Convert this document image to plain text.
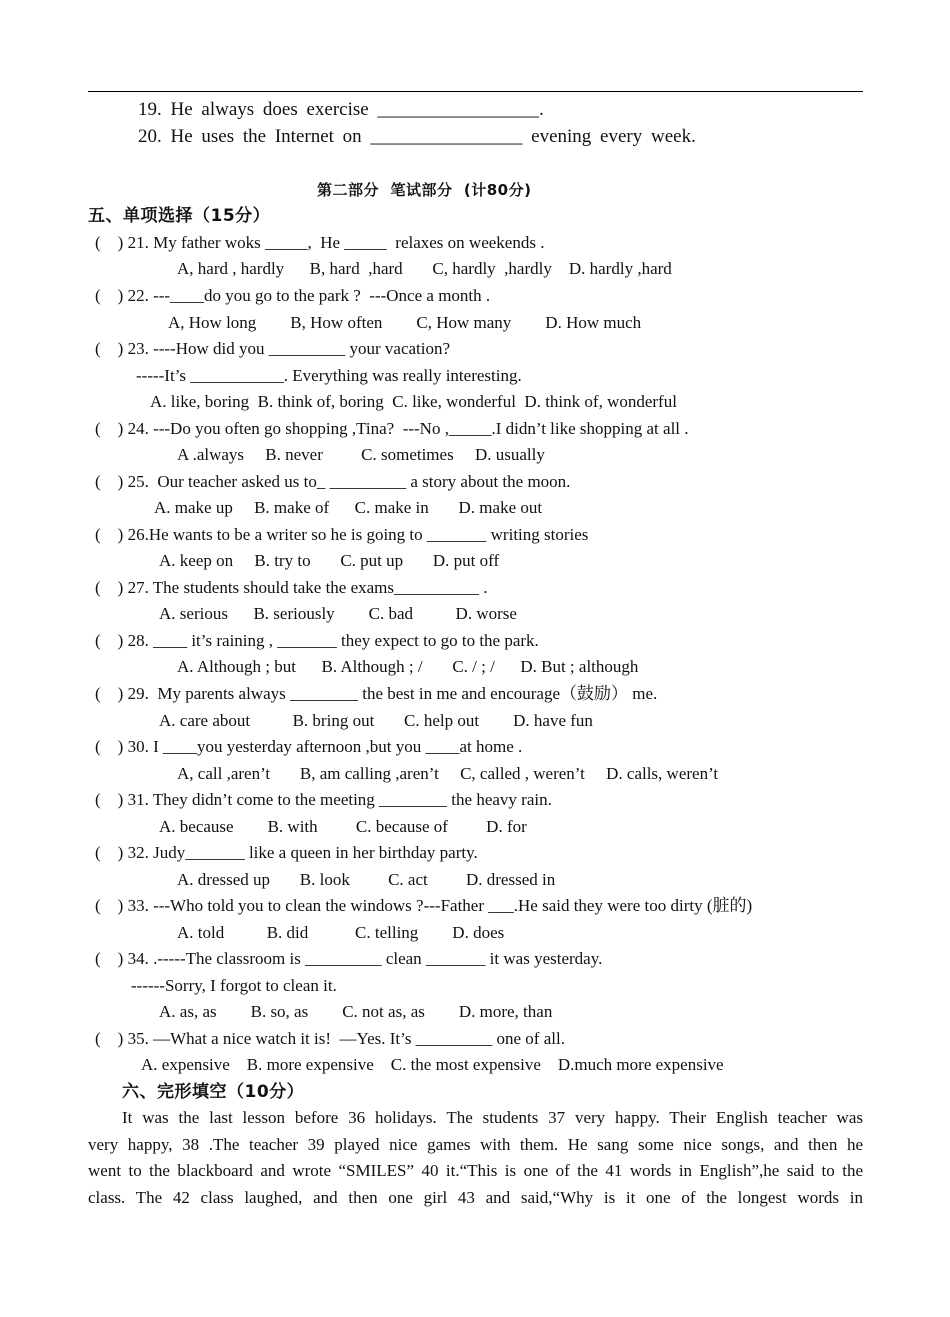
19. He always does exercise _________________.
20. He uses the Internet on ________________ evening every week.
第二部分  笔试部分  (计80分)
五、单项选择（15分）
(    ) 21. My father woks _____,  He _____  relaxes on weekends .
A, hard , hardly      B, hard  ,hard       C, hardly  ,hardly    D. hardly ,hard
(    ) 22. ---____do you go to the park ?  ---Once a month .
A, How long        B, How often        C, How many        D. How much
(    ) 23. ----How did you _________ your vacation?
-----It’s ___________. Everything was really interesting.
A. like, boring  B. think of, boring  C. like, wonderful  D. think of, wonderful
(    ) 24. ---Do you often go shopping ,Tina?  ---No ,_____.I didn’t like shopping at all .
A .always     B. never         C. sometimes     D. usually
(    ) 25.  Our teacher asked us to_ _________ a story about the moon.
A. make up     B. make of      C. make in       D. make out
(    ) 26.He wants to be a writer so he is going to _______ writing stories
A. keep on     B. try to       C. put up       D. put off
(    ) 27. The students should take the exams__________ .
A. serious      B. seriously        C. bad          D. worse
(    ) 28. ____ it’s raining , _______ they expect to go to the park.
A. Although ; but      B. Although ; /       C. / ; /      D. But ; although
(    ) 29.  My parents always ________ the best in me and encourage（鼓励） me.
A. care about          B. bring out       C. help out        D. have fun
(    ) 30. I ____you yesterday afternoon ,but you ____at home .
A, call ,aren’t       B, am calling ,aren’t     C, called , weren’t     D. calls, weren’t
(    ) 31. They didn’t come to the meeting ________ the heavy rain.
A. because        B. with         C. because of         D. for
(    ) 32. Judy_______ like a queen in her birthday party.
A. dressed up       B. look         C. act         D. dressed in
(    ) 33. ---Who told you to clean the windows ?---Father ___.He said they were too dirty (脏的)
A. told          B. did           C. telling        D. does
(    ) 34. .-----The classroom is _________ clean _______ it was yesterday.
------Sorry, I forgot to clean it.
A. as, as        B. so, as        C. not as, as        D. more, than
(    ) 35. —What a nice watch it is!  —Yes. It’s _________ one of all.
A. expensive    B. more expensive    C. the most expensive    D.much more expensive
六、完形填空（10分）
It was the last lesson before 36 holidays. The students 37 very happy. Their English teacher was
very happy, 38 .The teacher 39 played nice games with them. He sang some nice songs, and then he
went to the blackboard and wrote “SMILES” 40 it.“This is one of the 41 words in English”,he said to the
class. The 42 class laughed, and then one girl 43 and said,“Why is it one of the longest words in
